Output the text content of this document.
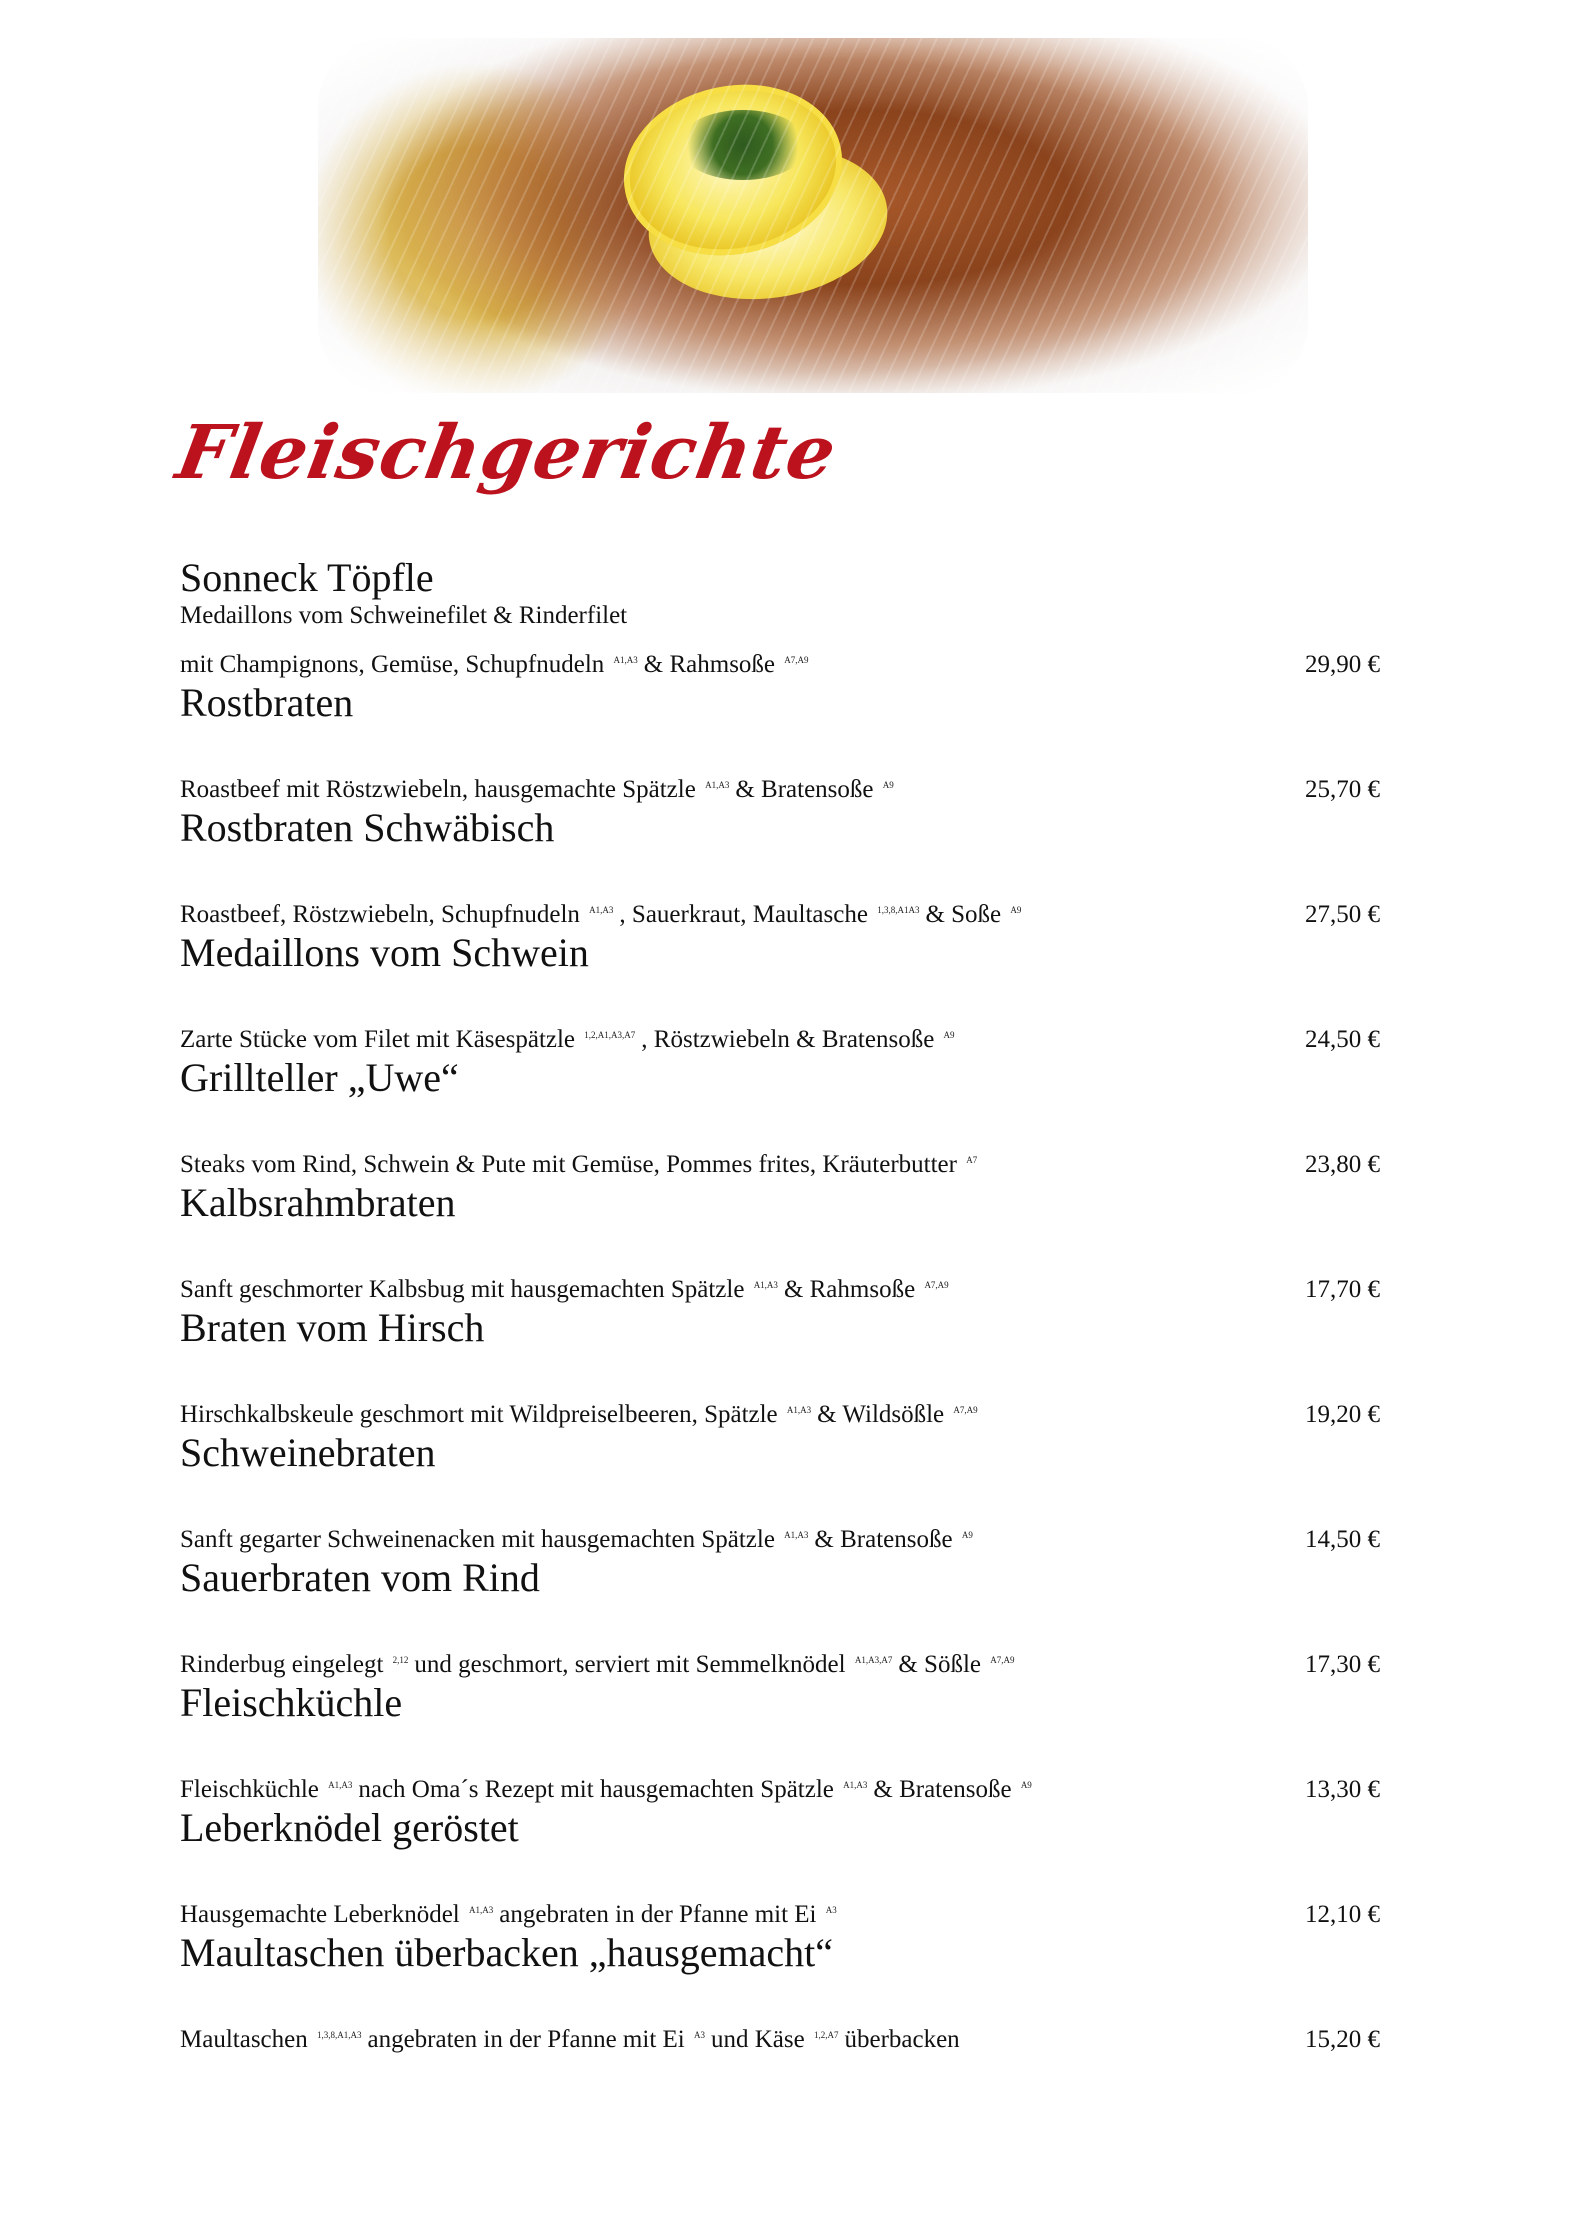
Fleischgerichte
Sonneck Töpfle
Medaillons vom Schweinefilet & Rinderfilet
mit Champignons, Gemüse, Schupfnudeln $^{A1,A3}$ & Rahmsoße $^{A7,A9}$	29,90 €
Rostbraten
Roastbeef mit Röstzwiebeln, hausgemachte Spätzle $^{A1,A3}$ & Bratensoße $^{A9}$	25,70 €
Rostbraten Schwäbisch
Roastbeef, Röstzwiebeln, Schupfnudeln $^{A1,A3}$ , Sauerkraut, Maultasche $^{1,3,8,A1A3}$ & Soße $^{A9}$	27,50 €
Medaillons vom Schwein
Zarte Stücke vom Filet mit Käsespätzle $^{1,2,A1,A3,A7}$ , Röstzwiebeln & Bratensoße $^{A9}$	24,50 €
Grillteller „Uwe“
Steaks vom Rind, Schwein & Pute mit Gemüse, Pommes frites, Kräuterbutter $^{A7}$	23,80 €
Kalbsrahmbraten
Sanft geschmorter Kalbsbug mit hausgemachten Spätzle $^{A1,A3}$ & Rahmsoße $^{A7,A9}$	17,70 €
Braten vom Hirsch
Hirschkalbskeule geschmort mit Wildpreiselbeeren, Spätzle $^{A1,A3}$ & Wildsößle $^{A7,A9}$	19,20 €
Schweinebraten
Sanft gegarter Schweinenacken mit hausgemachten Spätzle $^{A1,A3}$ & Bratensoße $^{A9}$	14,50 €
Sauerbraten vom Rind
Rinderbug eingelegt $^{2,12}$ und geschmort, serviert mit Semmelknödel $^{A1,A3,A7}$ & Sößle $^{A7,A9}$	17,30 €
Fleischküchle
Fleischküchle $^{A1,A3}$ nach Oma´s Rezept mit hausgemachten Spätzle $^{A1,A3}$ & Bratensoße $^{A9}$	13,30 €
Leberknödel geröstet
Hausgemachte Leberknödel $^{A1,A3}$ angebraten in der Pfanne mit Ei $^{A3}$	12,10 €
Maultaschen überbacken „hausgemacht“
Maultaschen $^{1,3,8,A1,A3}$ angebraten in der Pfanne mit Ei $^{A3}$ und Käse $^{1,2,A7}$ überbacken	15,20 €
